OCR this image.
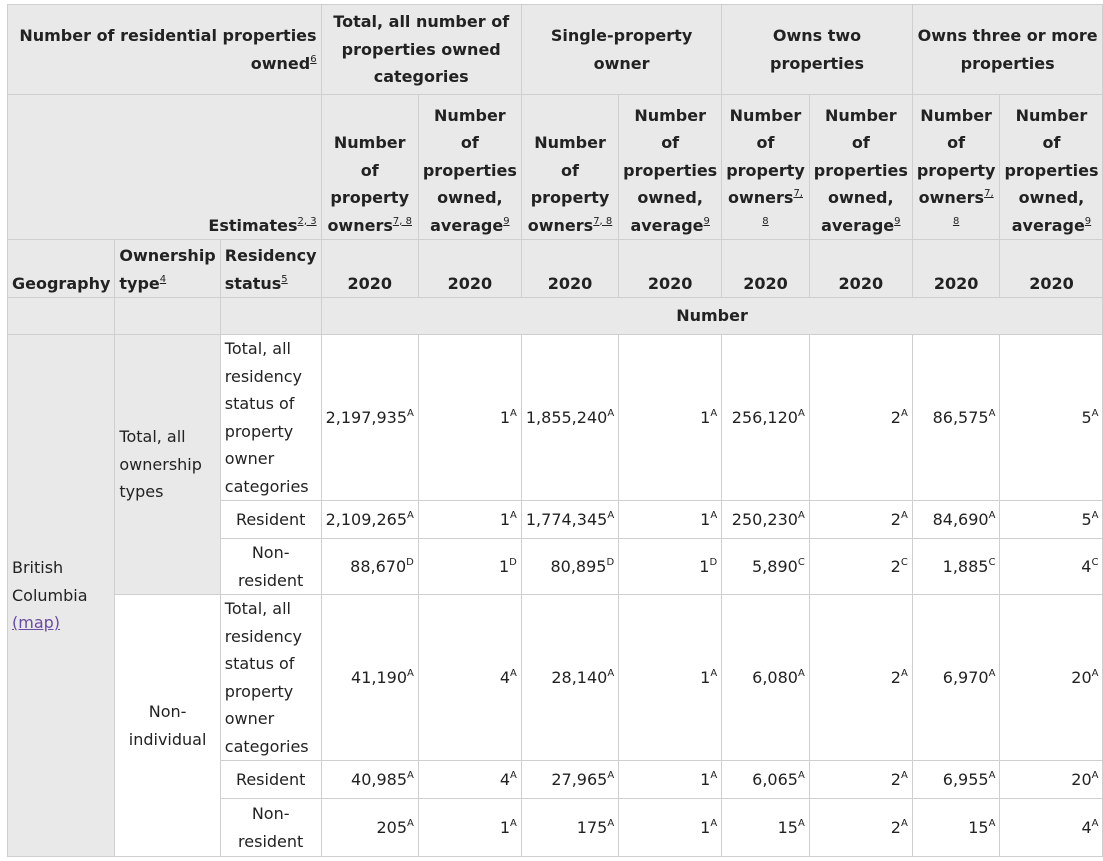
Number of residential properties owned$^6$			Total, all number of properties owned categories		Single-property owner		Owns two properties		Owns three or more properties	
Estimates$^{2, 3}$			Number of property owners$^{7, 8}$	Number of properties owned, average$^9$	Number of property owners$^{7, 8}$	Number of properties owned, average$^9$	Number of property owners$^{7, 8}$	Number of properties owned, average$^9$	Number of property owners$^{7, 8}$	Number of properties owned, average$^9$
Geography	Ownership type$^4$	Residency status$^5$	2020	2020	2020	2020	2020	2020	2020	2020
			Number							
British Columbia
(map)	Total, all ownership types	Total, all residency status of property owner categories	$2,197,935^A$	$1^A$	$1,855,240^A$	$1^A$	$256,120^A$	$2^A$	$86,575^A$	$5^A$
		Resident	$2,109,265^A$	$1^A$	$1,774,345^A$	$1^A$	$250,230^A$	$2^A$	$84,690^A$	$5^A$
		Non-resident	$88,670^D$	$1^D$	$80,895^D$	$1^D$	$5,890^C$	$2^C$	$1,885^C$	$4^C$
	Non-individual	Total, all residency status of property owner categories	$41,190^A$	$4^A$	$28,140^A$	$1^A$	$6,080^A$	$2^A$	$6,970^A$	$20^A$
		Resident	$40,985^A$	$4^A$	$27,965^A$	$1^A$	$6,065^A$	$2^A$	$6,955^A$	$20^A$
		Non-resident	$205^A$	$1^A$	$175^A$	$1^A$	$15^A$	$2^A$	$15^A$	$4^A$
